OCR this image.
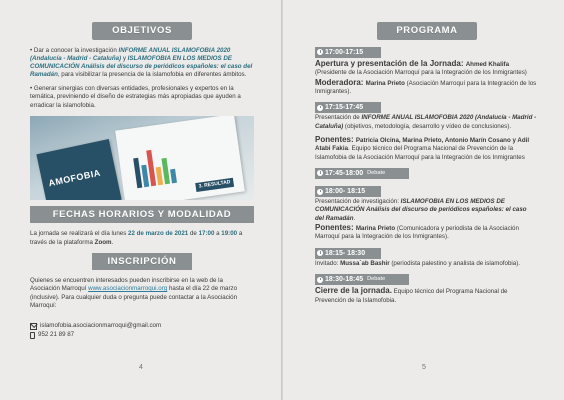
OBJETIVOS

• Dar a conocer la investigación INFORME ANUAL ISLAMOFOBIA 2020 (Andalucía - Madrid - Cataluña) y ISLAMOFOBIA EN LOS MEDIOS DE COMUNICACIÓN Análisis del discurso de periódicos españoles: el caso del Ramadán, para visibilizar la presencia de la islamofobia en diferentes ámbitos.

• Generar sinergias con diversas entidades, profesionales y expertos en la temática, previniendo el diseño de estrategias más apropiadas que ayuden a erradicar la islamofobia.

AMOFOBIA	3. RESULTAD
FECHAS HORARIOS Y MODALIDAD

La jornada se realizará el día lunes 22 de marzo de 2021 de 17:00 a 19:00 a través de la plataforma Zoom.

INSCRIPCIÓN

Quienes se encuentren interesados pueden inscribirse en la web de la Asociación Marroquí www.asociacionmarroqui.org hasta el día 22 de marzo (inclusive). Para cualquier duda o pregunta puede contactar a la Asociación Marroquí:

islamofobia.asociacionmarroqui@gmail.com
952 21 89 87
4
PROGRAMA
17:00-17:15
Apertura y presentación de la Jornada: Ahmed Khalifa
(Presidente de la Asociación Marroquí para la Integración de los Inmigrantes)
Moderadora: Marina Prieto (Asociación Marroquí para la Integración de los Inmigrantes).
17:15-17:45

Presentación de INFORME ANUAL ISLAMOFOBIA 2020 (Andalucía - Madrid - Cataluña) (objetivos, metodología, desarrollo y vídeo de conclusiones).

Ponentes: Patricia Olcina, Marina Prieto, Antonio Marín Cosano y Adil Atabi Fakia. Equipo técnico del Programa Nacional de Prevención de la Islamofobia de la Asociación Marroquí para la Integración de los Inmigrantes
17:45-18:00 Debate
18:00- 18:15
Presentación de investigación: ISLAMOFOBIA EN LOS MEDIOS DE COMUNICACIÓN Análisis del discurso de periódicos españoles: el caso del Ramadán.
Ponentes: Marina Prieto (Comunicadora y periodista de la Asociación Marroquí para la Integración de los Inmigrantes).
18:15- 18:30
Invitado: Mussa´ab Bashir (periodista palestino y analista de islamofobia).
18:30-18:45 Debate
Cierre de la jornada. Equipo técnico del Programa Nacional de Prevención de la Islamofobia.
5
